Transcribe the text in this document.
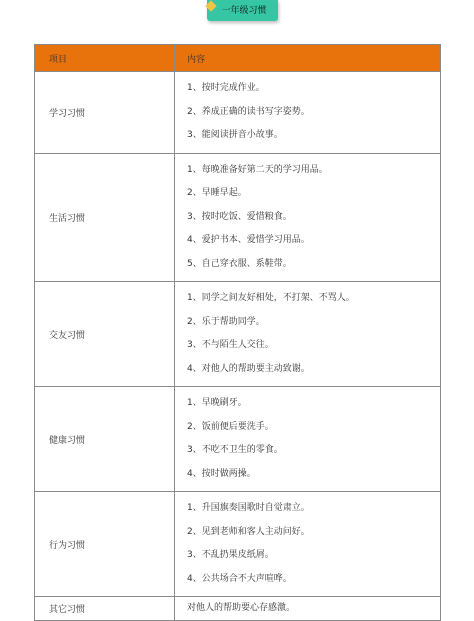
一年级习惯
项目	内容
学习习惯	1、按时完成作业。
2、养成正确的读书写字姿势。
3、能阅读拼音小故事。

生活习惯	1、每晚准备好第二天的学习用品。
2、早睡早起。
3、按时吃饭、爱惜粮食。
4、爱护书本、爱惜学习用品。
5、自己穿衣服、系鞋带。

交友习惯	1、同学之间友好相处，不打架、不骂人。
2、乐于帮助同学。
3、不与陌生人交往。
4、对他人的帮助要主动致谢。

健康习惯	1、早晚刷牙。
2、饭前便后要洗手。
3、不吃不卫生的零食。
4、按时做两操。

行为习惯	1、升国旗奏国歌时自觉肃立。
2、见到老师和客人主动问好。
3、不乱扔果皮纸屑。
4、公共场合不大声喧哗。

其它习惯	对他人的帮助要心存感激。
